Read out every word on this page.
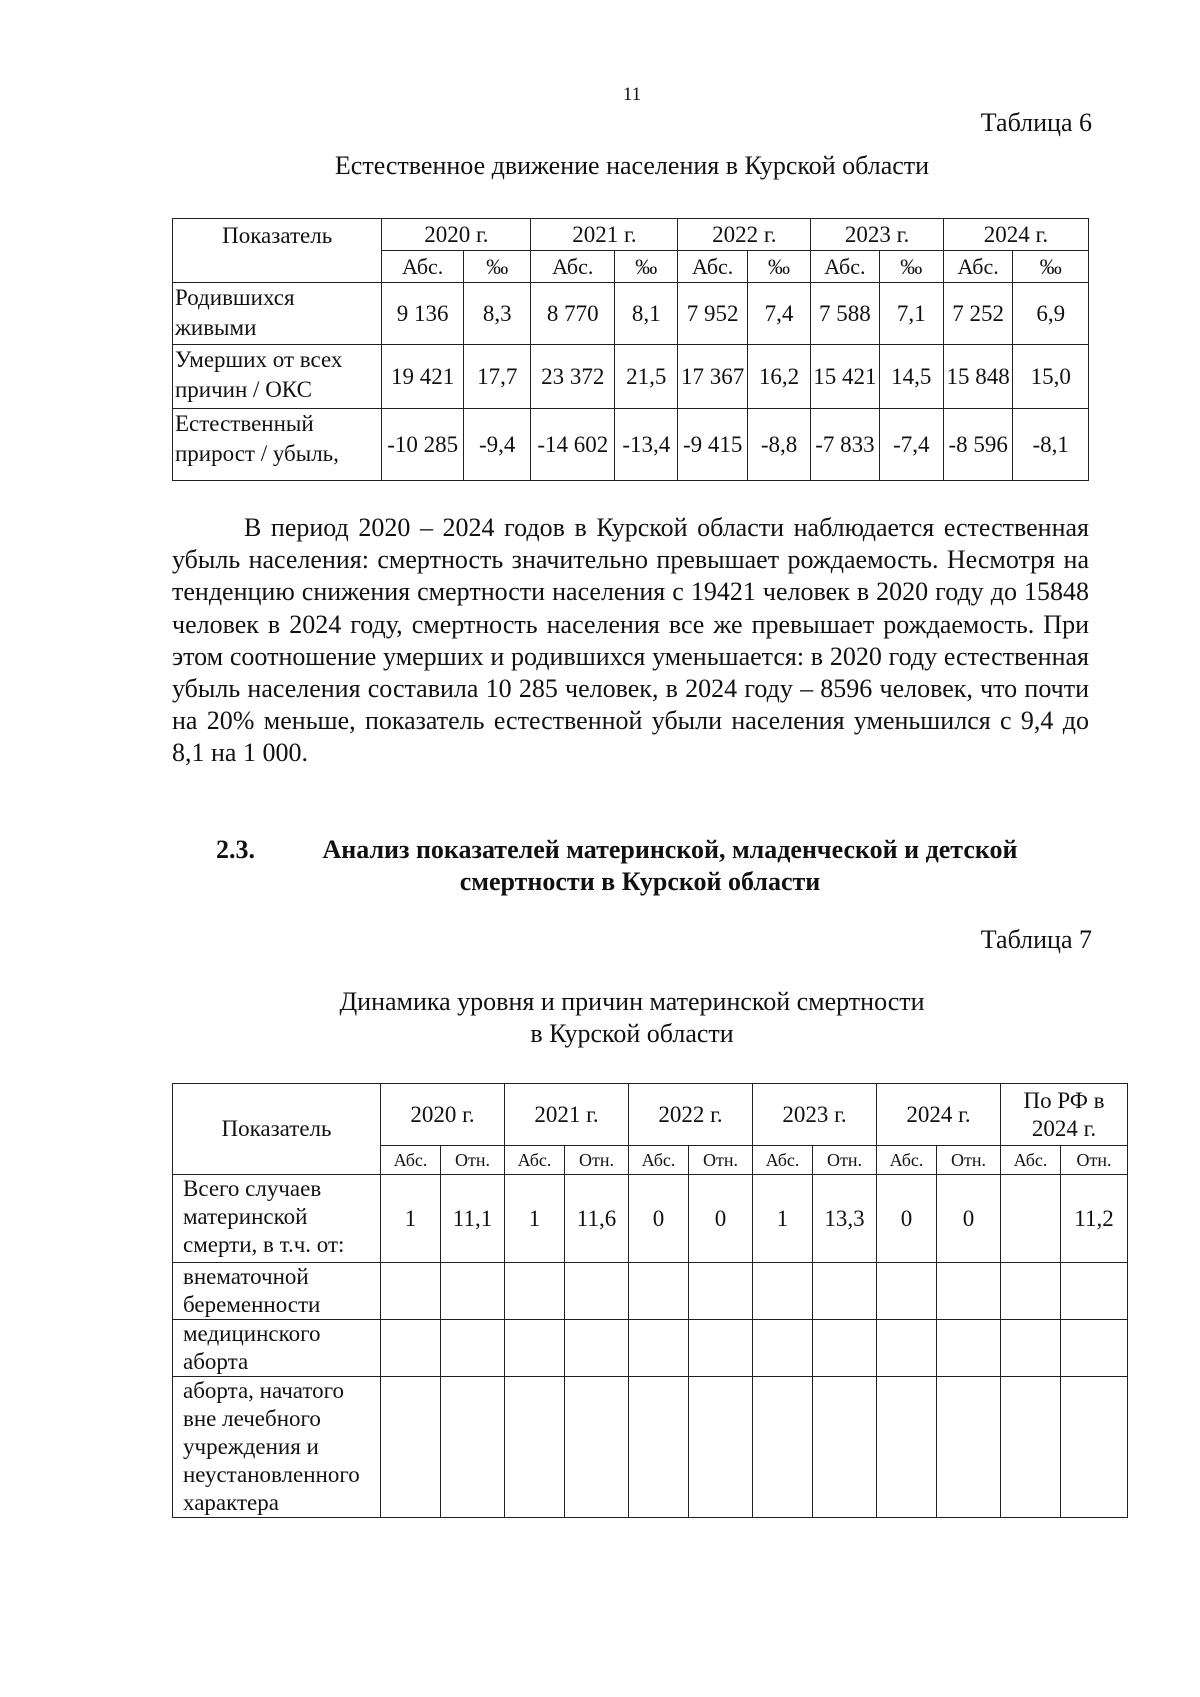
11
Таблица 6
Естественное движение населения в Курской области
Показатель	2020 г.		2021 г.		2022 г.		2023 г.		2024 г.	
	Абс.	‰	Абс.	‰	Абс.	‰	Абс.	‰	Абс.	‰
Родившихся живыми	9 136	8,3	8 770	8,1	7 952	7,4	7 588	7,1	7 252	6,9
Умерших от всех причин / ОКС	19 421	17,7	23 372	21,5	17 367	16,2	15 421	14,5	15 848	15,0
Естественный прирост / убыль,	-10 285	-9,4	-14 602	-13,4	-9 415	-8,8	-7 833	-7,4	-8 596	-8,1

В период 2020 – 2024 годов в Курской области наблюдается естественная убыль населения: смертность значительно превышает рождаемость. Несмотря на тенденцию снижения смертности населения с 19421 человек в 2020 году до 15848 человек в 2024 году, смертность населения все же превышает рождаемость. При этом соотношение умерших и родившихся уменьшается: в 2020 году естественная убыль населения составила 10 285 человек, в 2024 году – 8596 человек, что почти на 20% меньше, показатель естественной убыли населения уменьшился с 9,4 до 8,1 на 1 000.

2.3.	Анализ показателей материнской, младенческой и детской
смертности в Курской области
Таблица 7
Динамика уровня и причин материнской смертности
в Курской области
Показатель	2020 г.		2021 г.		2022 г.		2023 г.		2024 г.		По РФ в 2024 г.	
	Абс.	Отн.	Абс.	Отн.	Абс.	Отн.	Абс.	Отн.	Абс.	Отн.	Абс.	Отн.
Всего случаев материнской смерти, в т.ч. от:	1	11,1	1	11,6	0	0	1	13,3	0	0		11,2
внематочной беременности												
медицинского аборта												
аборта, начатого вне лечебного учреждения и неустановленного характера												
